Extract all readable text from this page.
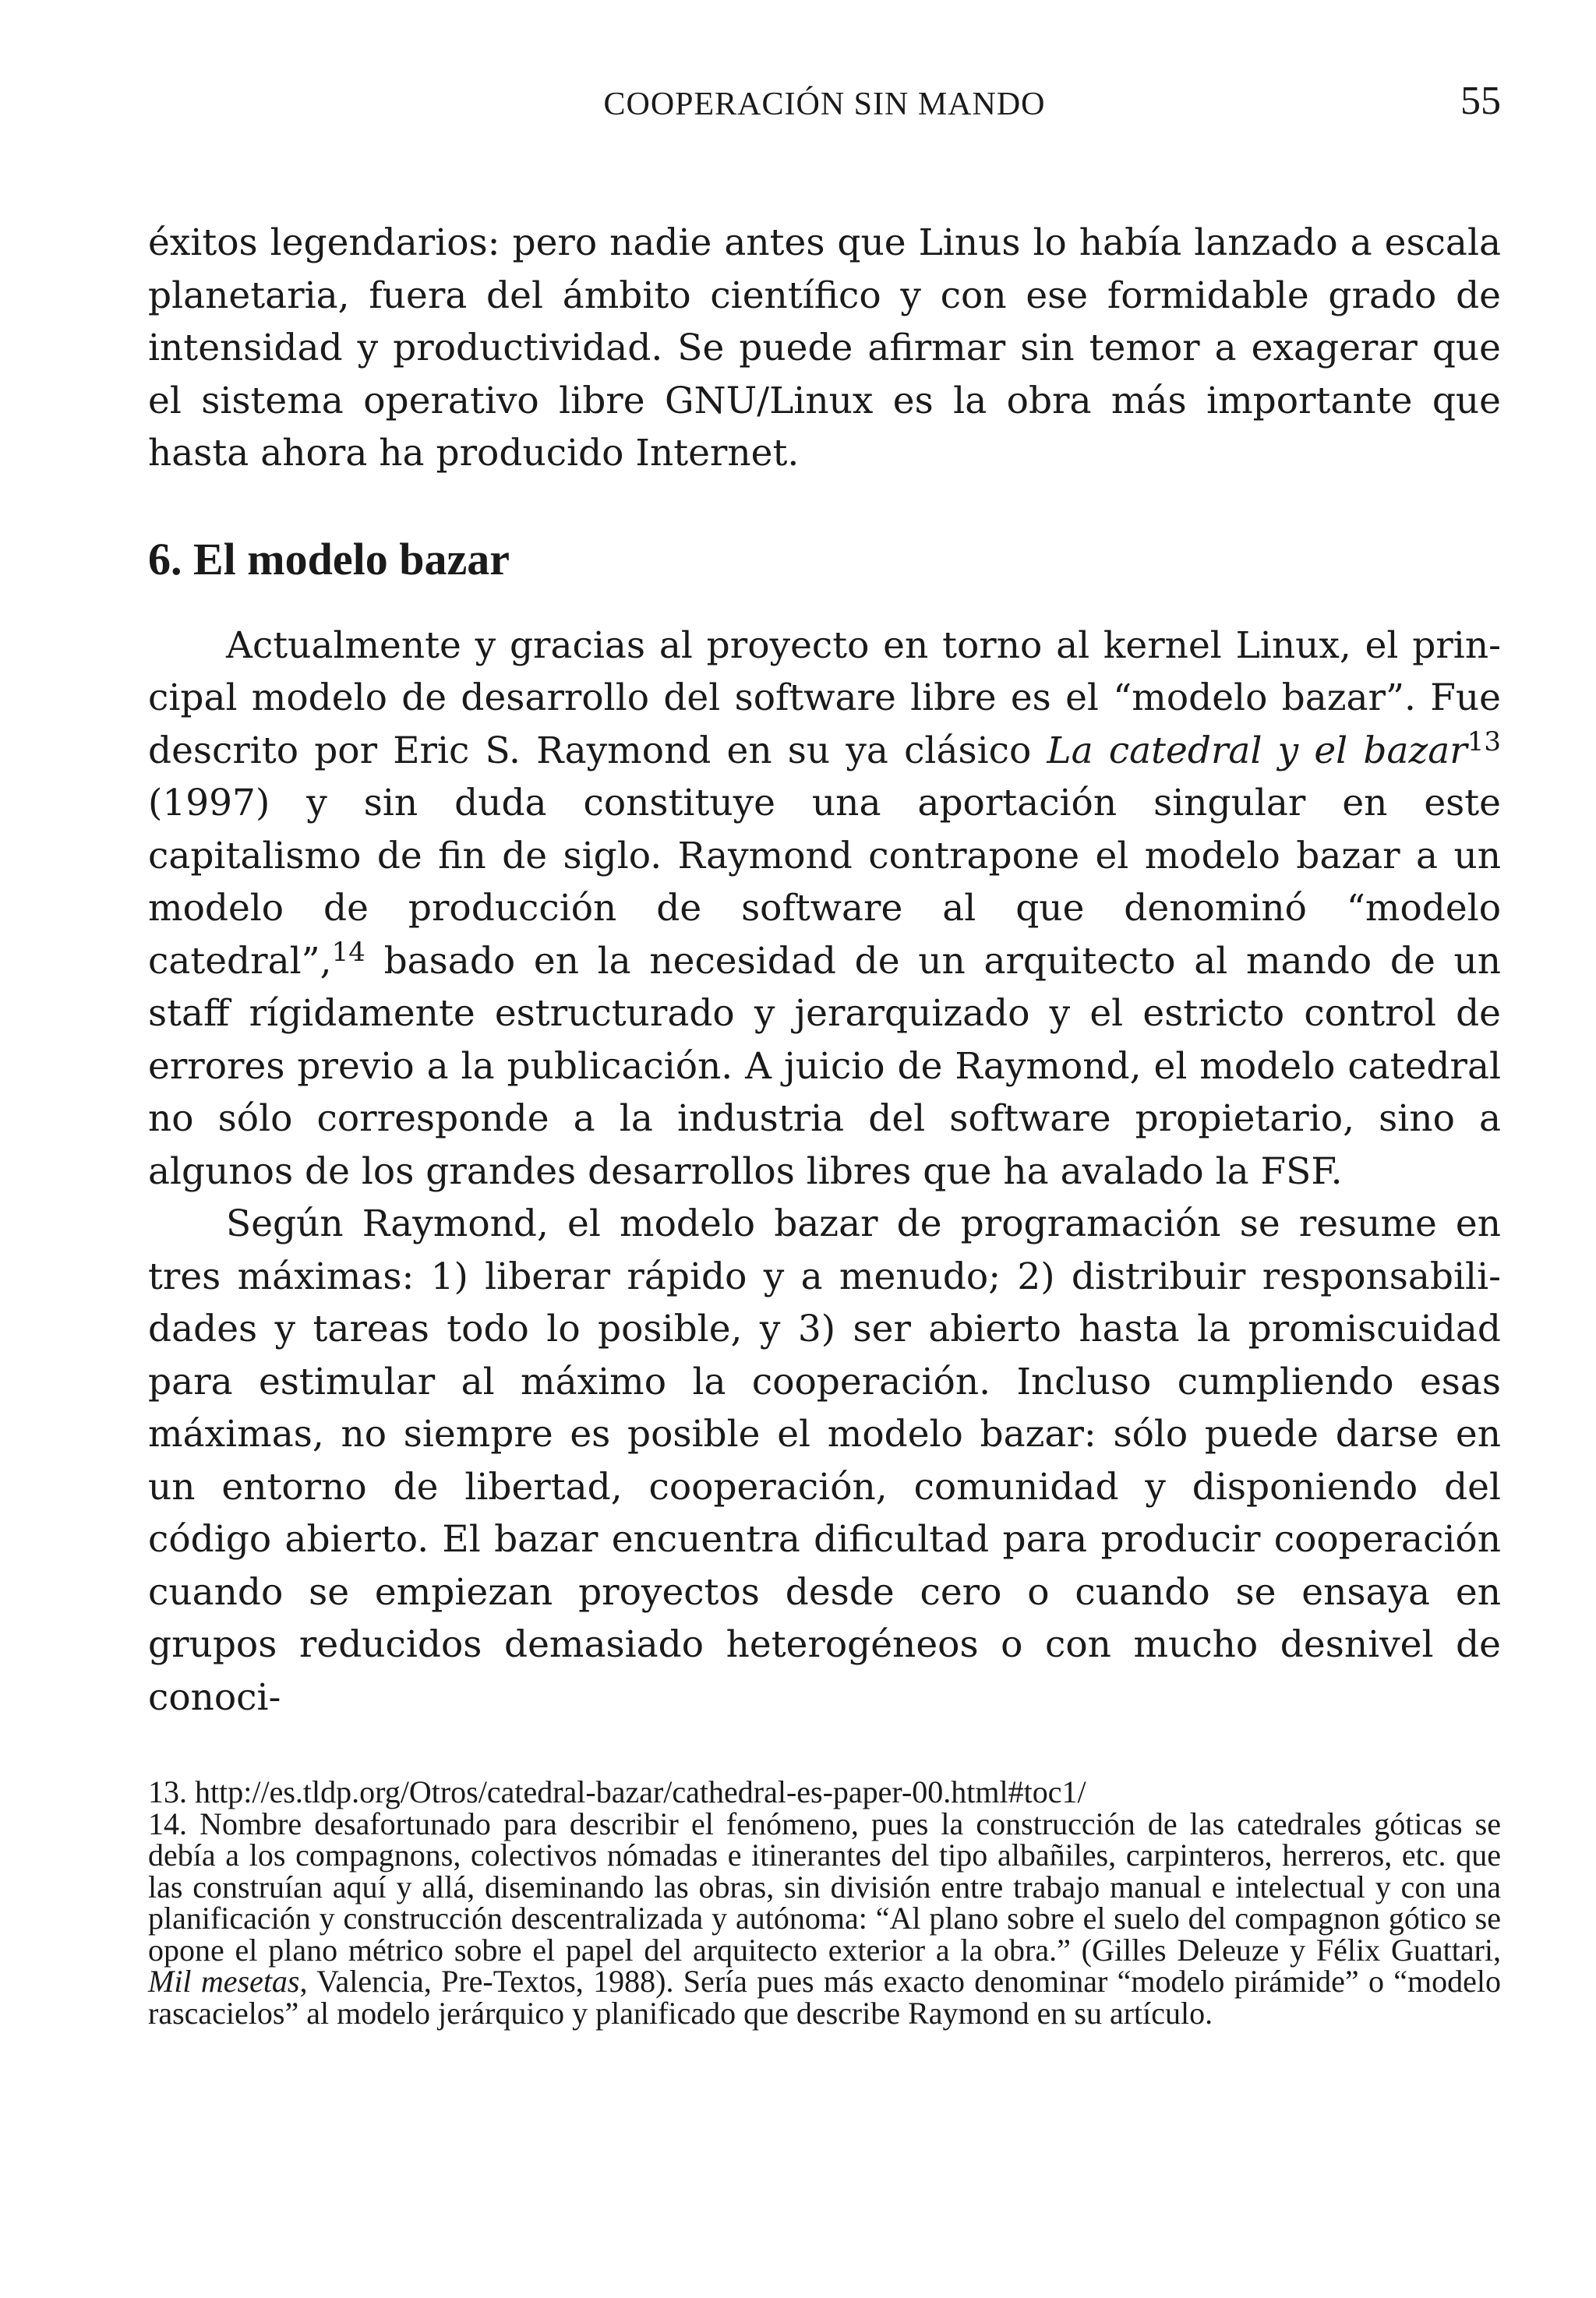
COOPERACIÓN SIN MANDO	55

éxitos legendarios: pero nadie antes que Linus lo había lanzado a escala planetaria, fuera del ámbito científico y con ese formidable grado de intensidad y productividad. Se puede afirmar sin temor a exagerar que el sistema operativo libre GNU/Linux es la obra más importante que hasta ahora ha producido Internet.

6. El modelo bazar

Actualmente y gracias al proyecto en torno al kernel Linux, el principal modelo de desarrollo del software libre es el “modelo bazar”. Fue descrito por Eric S. Raymond en su ya clásico La catedral y el bazar$^{13}$ (1997) y sin duda constituye una aportación singular en este capitalismo de fin de siglo. Raymond contrapone el modelo bazar a un modelo de producción de software al que denominó “modelo catedral”,$^{14}$ basado en la necesidad de un arquitecto al mando de un staff rígidamente estructurado y jerarquizado y el estricto control de errores previo a la publicación. A juicio de Raymond, el modelo catedral no sólo corresponde a la industria del software propietario, sino a algunos de los grandes desarrollos libres que ha avalado la FSF.

Según Raymond, el modelo bazar de programación se resume en tres máximas: 1) liberar rápido y a menudo; 2) distribuir responsabilidades y tareas todo lo posible, y 3) ser abierto hasta la promiscuidad para estimular al máximo la cooperación. Incluso cumpliendo esas máximas, no siempre es posible el modelo bazar: sólo puede darse en un entorno de libertad, cooperación, comunidad y disponiendo del código abierto. El bazar encuentra dificultad para producir cooperación cuando se empiezan proyectos desde cero o cuando se ensaya en grupos reducidos demasiado heterogéneos o con mucho desnivel de conoci-

13. http://es.tldp.org/Otros/catedral-bazar/cathedral-es-paper-00.html#toc1/

14. Nombre desafortunado para describir el fenómeno, pues la construcción de las catedrales góticas se debía a los compagnons, colectivos nómadas e itinerantes del tipo albañiles, carpinteros, herreros, etc. que las construían aquí y allá, diseminando las obras, sin división entre trabajo manual e intelectual y con una planificación y construcción descentralizada y autónoma: “Al plano sobre el suelo del compagnon gótico se opone el plano métrico sobre el papel del arquitecto exterior a la obra.” (Gilles Deleuze y Félix Guattari, Mil mesetas, Valencia, Pre-Textos, 1988). Sería pues más exacto denominar “modelo pirámide” o “modelo rascacielos” al modelo jerárquico y planificado que describe Raymond en su artículo.
